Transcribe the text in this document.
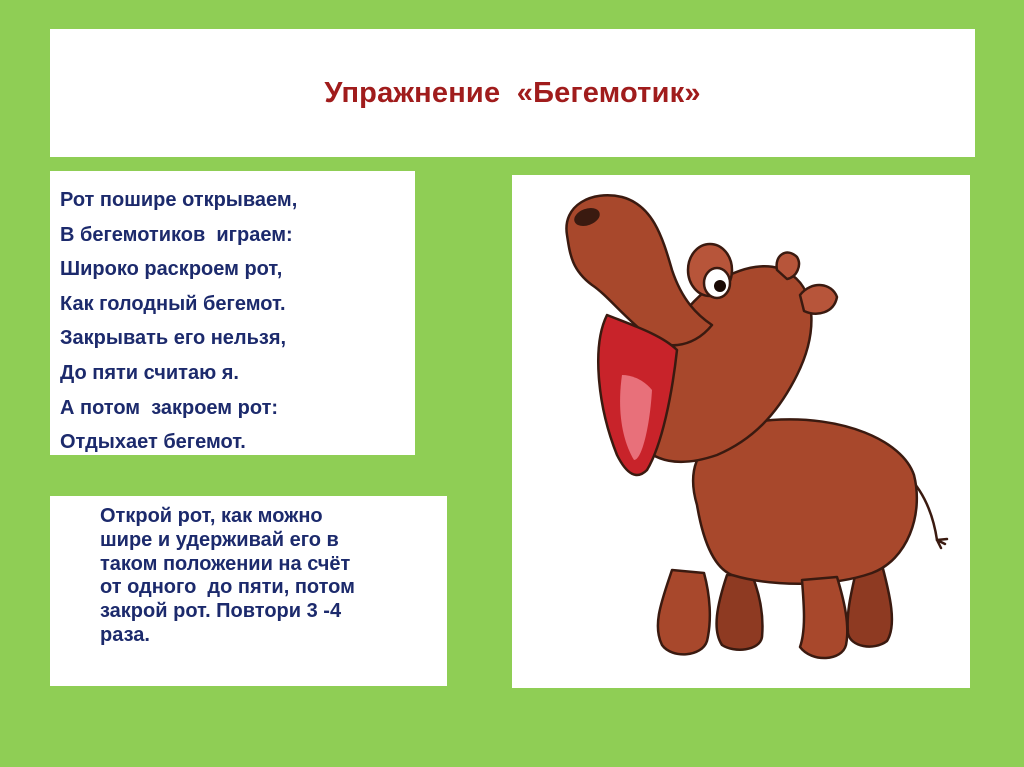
Упражнение  «Бегемотик»
Рот пошире открываем,
В бегемотиков  играем:
Широко раскроем рот,
Как голодный бегемот.
Закрывать его нельзя,
До пяти считаю я.
А потом  закроем рот:
Отдыхает бегемот.
Открой рот, как можно
шире и удерживай его в
таком положении на счёт
от одного  до пяти, потом
закрой рот. Повтори 3 -4
раза.
